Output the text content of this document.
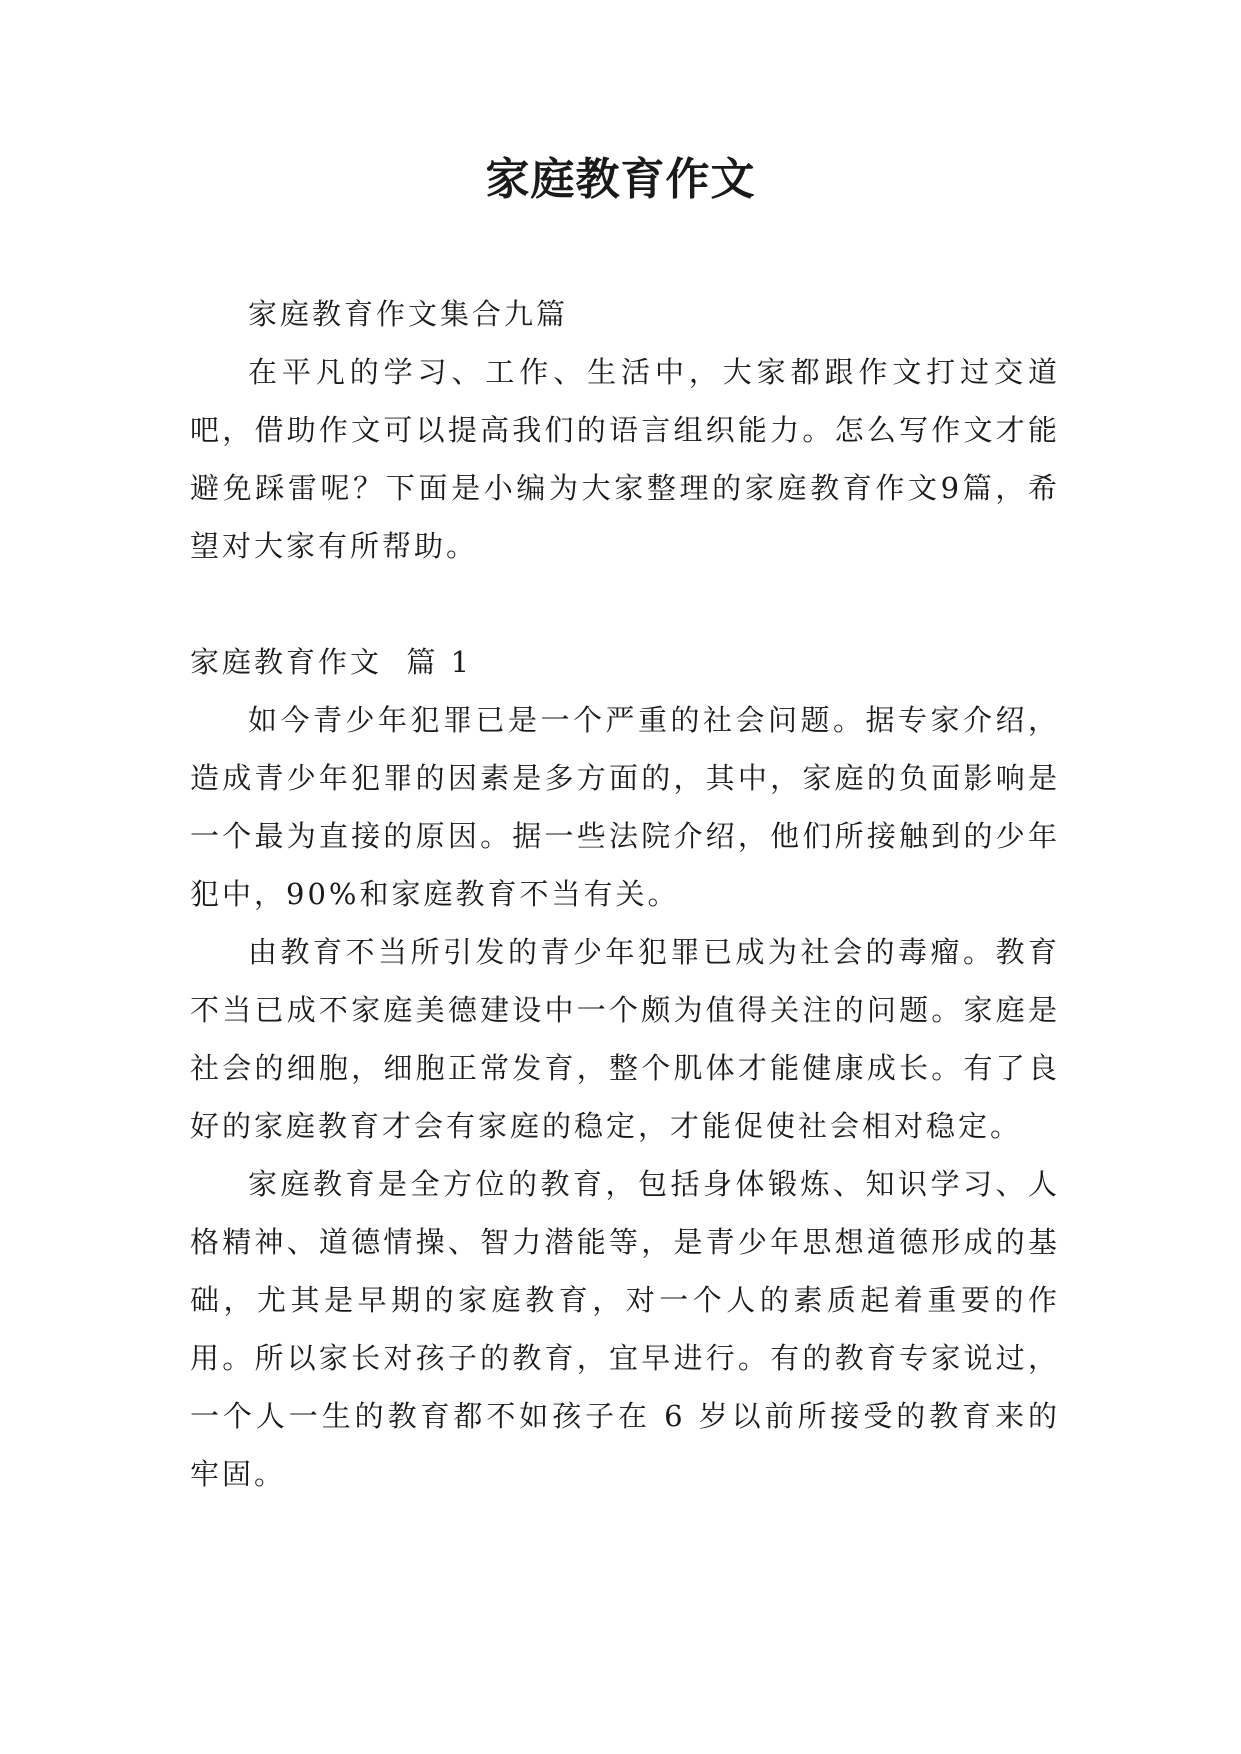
家庭教育作文

家庭教育作文集合九篇

在平凡的学习、工作、生活中，大家都跟作文打过交道吧，借助作文可以提高我们的语言组织能力。怎么写作文才能避免踩雷呢？下面是小编为大家整理的家庭教育作文9篇，希望对大家有所帮助。

家庭教育作文  篇 1

如今青少年犯罪已是一个严重的社会问题。据专家介绍，造成青少年犯罪的因素是多方面的，其中，家庭的负面影响是一个最为直接的原因。据一些法院介绍，他们所接触到的少年犯中，90%和家庭教育不当有关。

由教育不当所引发的青少年犯罪已成为社会的毒瘤。教育不当已成不家庭美德建设中一个颇为值得关注的问题。家庭是社会的细胞，细胞正常发育，整个肌体才能健康成长。有了良好的家庭教育才会有家庭的稳定，才能促使社会相对稳定。

家庭教育是全方位的教育，包括身体锻炼、知识学习、人格精神、道德情操、智力潜能等，是青少年思想道德形成的基础，尤其是早期的家庭教育，对一个人的素质起着重要的作用。所以家长对孩子的教育，宜早进行。有的教育专家说过，一个人一生的教育都不如孩子在 6 岁以前所接受的教育来的牢固。
